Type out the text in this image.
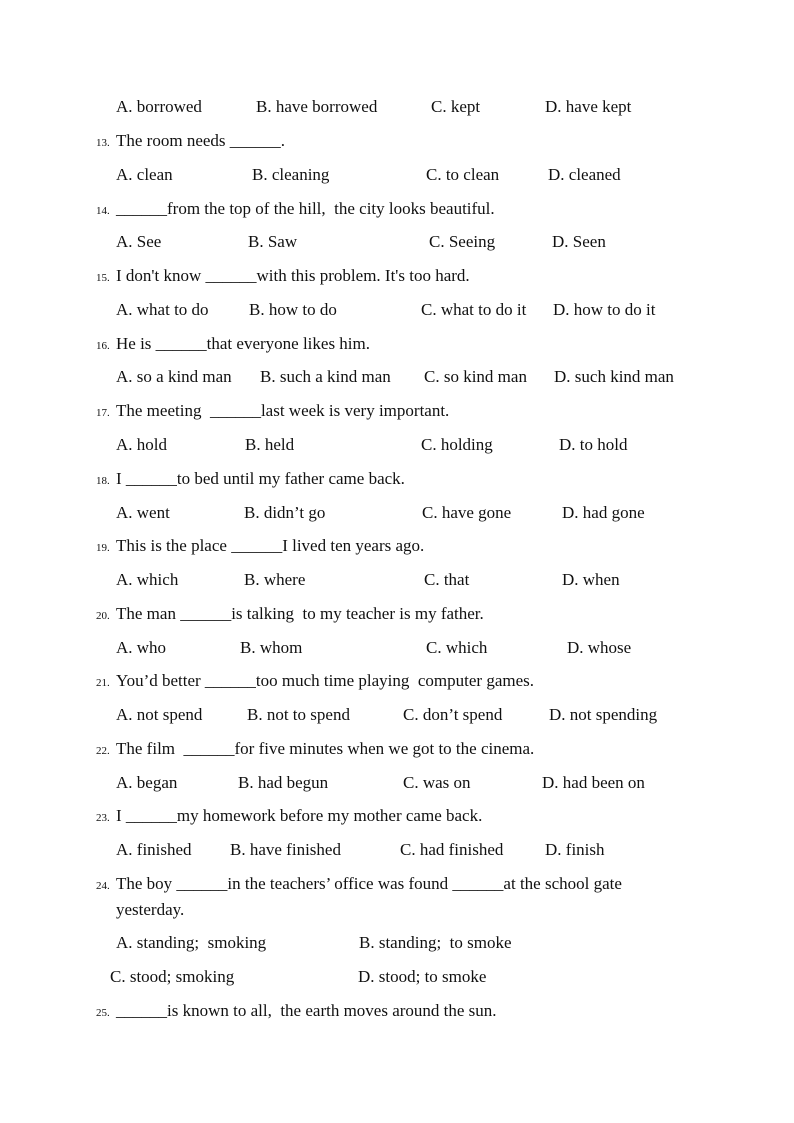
A. borrowed	B. have borrowed	C. kept	D. have kept
13. The room needs ______.
A. clean	B. cleaning	C. to clean	D. cleaned
14. ______from the top of the hill,  the city looks beautiful.
A. See	B. Saw	C. Seeing	D. Seen
15. I don't know ______with this problem. It's too hard.
A. what to do B. how to do	C. what to do it D. how to do it
16. He is ______that everyone likes him.
A. so a kind man B. such a kind man C. so kind man D. such kind man
17. The meeting  ______last week is very important.
A. hold	B. held	C. holding	D. to hold
18. I ______to bed until my father came back.
A. went	B. didn’t go	C. have gone	D. had gone
19. This is the place ______I lived ten years ago.
A. which	B. where	C. that	D. when
20. The man ______is talking  to my teacher is my father.
A. who	B. whom	C. which	D. whose
21. You’d better ______too much time playing  computer games.
A. not spend	B. not to spend	C. don’t spend	D. not spending
22. The film  ______for five minutes when we got to the cinema.
A. began	B. had begun	C. was on	D. had been on
23. I ______my homework before my mother came back.
A. finished B. have finished	C. had finished D. finish
24. The boy ______in the teachers’ office was found ______at the school gate
yesterday.
A. standing;  smoking	B. standing;  to smoke
C. stood; smoking	D. stood; to smoke
25. ______is known to all,  the earth moves around the sun.
